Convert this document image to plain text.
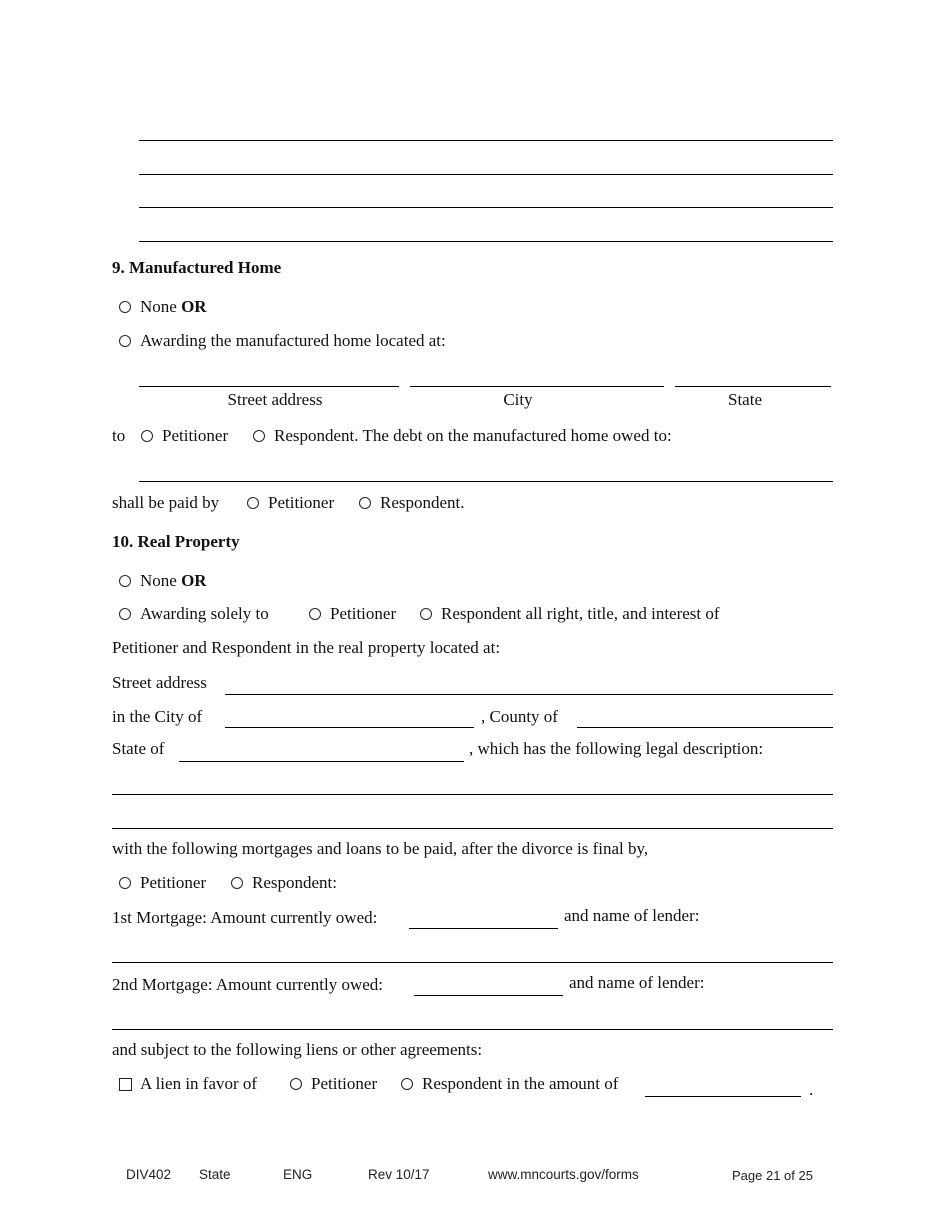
9. Manufactured Home
None OR
Awarding the manufactured home located at:
Street address	City	State
to Petitioner	Respondent. The debt on the manufactured home owed to:
shall be paid by	Petitioner	Respondent.
10. Real Property
None OR
Awarding solely to	Petitioner	Respondent all right, title, and interest of
Petitioner and Respondent in the real property located at:
Street address
in the City of	, County of
State of	, which has the following legal description:
with the following mortgages and loans to be paid, after the divorce is final by,
Petitioner	Respondent:
1st Mortgage: Amount currently owed:	and name of lender:
2nd Mortgage: Amount currently owed:	and name of lender:
and subject to the following liens or other agreements:
A lien in favor of	Petitioner	Respondent in the amount of	.
DIV402 State	ENG	Rev 10/17	www.mncourts.gov/forms	Page 21 of 25
